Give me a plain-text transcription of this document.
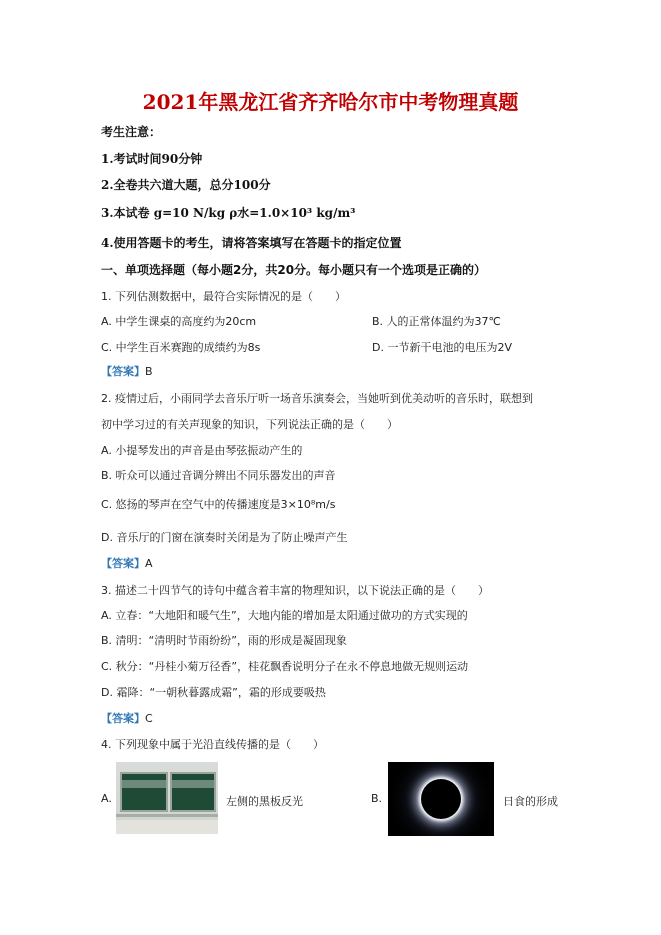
2021年黑龙江省齐齐哈尔市中考物理真题
考生注意：
1.考试时间90分钟
2.全卷共六道大题，总分100分
3.本试卷 g=10 N/kg ρ水=1.0×10³ kg/m³
4.使用答题卡的考生，请将答案填写在答题卡的指定位置
一、单项选择题（每小题2分，共20分。每小题只有一个选项是正确的）
1. 下列估测数据中，最符合实际情况的是（　　）
A. 中学生课桌的高度约为20cm	B. 人的正常体温约为37℃
C. 中学生百米赛跑的成绩约为8s	D. 一节新干电池的电压为2V
【答案】B
2. 疫情过后，小雨同学去音乐厅听一场音乐演奏会，当她听到优美动听的音乐时，联想到
初中学习过的有关声现象的知识，下列说法正确的是（　　）
A. 小提琴发出的声音是由琴弦振动产生的
B. 听众可以通过音调分辨出不同乐器发出的声音
C. 悠扬的琴声在空气中的传播速度是3×10⁸m/s
D. 音乐厅的门窗在演奏时关闭是为了防止噪声产生
【答案】A
3. 描述二十四节气的诗句中蕴含着丰富的物理知识，以下说法正确的是（　　）
A. 立春：“大地阳和暖气生”，大地内能的增加是太阳通过做功的方式实现的
B. 清明：“清明时节雨纷纷”，雨的形成是凝固现象
C. 秋分：“丹桂小菊万径香”，桂花飘香说明分子在永不停息地做无规则运动
D. 霜降：“一朝秋暮露成霜”，霜的形成要吸热
【答案】C
4. 下列现象中属于光沿直线传播的是（　　）
A.	左侧的黑板反光	B.	日食的形成
